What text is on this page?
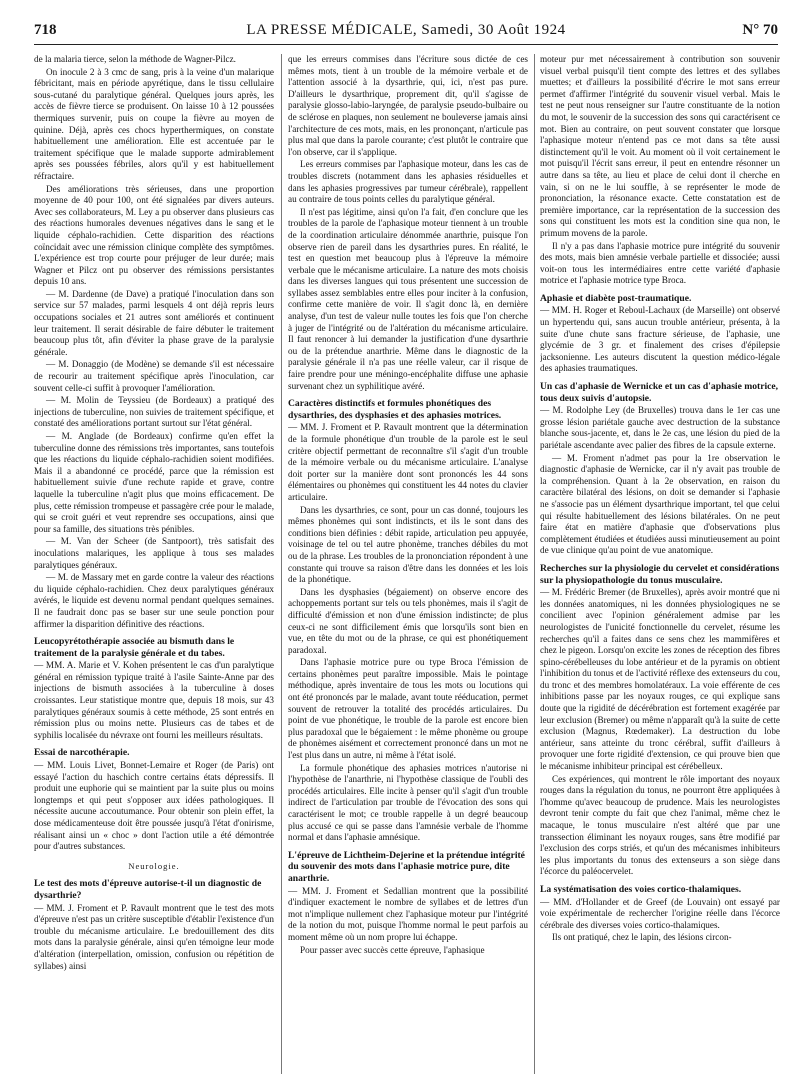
718	LA PRESSE MÉDICALE, Samedi, 30 Août 1924	N° 70

de la malaria tierce, selon la méthode de Wagner-Pilcz.

On inocule 2 à 3 cmc de sang, pris à la veine d'un malarique fébricitant, mais en période apyrétique, dans le tissu cellulaire sous-cutané du paralytique général. Quelques jours après, les accès de fièvre tierce se produisent. On laisse 10 à 12 poussées thermiques survenir, puis on coupe la fièvre au moyen de quinine. Déjà, après ces chocs hyperthermiques, on constate habituellement une amélioration. Elle est accentuée par le traitement spécifique que le malade supporte admirablement après ses poussées fébriles, alors qu'il y est habituellement réfractaire.

Des améliorations très sérieuses, dans une proportion moyenne de 40 pour 100, ont été signalées par divers auteurs. Avec ses collaborateurs, M. Ley a pu observer dans plusieurs cas des réactions humorales devenues négatives dans le sang et le liquide céphalo-rachidien. Cette disparition des réactions coïncidait avec une rémission clinique complète des symptômes. L'expérience est trop courte pour préjuger de leur durée; mais Wagner et Pilcz ont pu observer des rémissions persistantes depuis 10 ans.

— M. Dardenne (de Dave) a pratiqué l'inoculation dans son service sur 57 malades, parmi lesquels 4 ont déjà repris leurs occupations sociales et 21 autres sont améliorés et continuent leur traitement. Il serait désirable de faire débuter le traitement beaucoup plus tôt, afin d'éviter la phase grave de la paralysie générale.

— M. Donaggio (de Modène) se demande s'il est nécessaire de recourir au traitement spécifique après l'inoculation, car souvent celle-ci suffit à provoquer l'amélioration.

— M. Molin de Teyssieu (de Bordeaux) a pratiqué des injections de tuberculine, non suivies de traitement spécifique, et constaté des améliorations portant surtout sur l'état général.

— M. Anglade (de Bordeaux) confirme qu'en effet la tuberculine donne des rémissions très importantes, sans toutefois que les réactions du liquide céphalo-rachidien soient modifiées. Mais il a abandonné ce procédé, parce que la rémission est habituellement suivie d'une rechute rapide et grave, contre laquelle la tuberculine n'agit plus que moins efficacement. De plus, cette rémission trompeuse et passagère crée pour le malade, qui se croit guéri et veut reprendre ses occupations, ainsi que pour sa famille, des situations très pénibles.

— M. Van der Scheer (de Santpoort), très satisfait des inoculations malariques, les applique à tous ses malades paralytiques généraux.

— M. de Massary met en garde contre la valeur des réactions du liquide céphalo-rachidien. Chez deux paralytiques généraux avérés, le liquide est devenu normal pendant quelques semaines. Il ne faudrait donc pas se baser sur une seule ponction pour affirmer la disparition définitive des réactions.

Leucopyrétothérapie associée au bismuth dans le traitement de la paralysie générale et du tabes.

— MM. A. Marie et V. Kohen présentent le cas d'un paralytique général en rémission typique traité à l'asile Sainte-Anne par des injections de bismuth associées à la tuberculine à doses croissantes. Leur statistique montre que, depuis 18 mois, sur 43 paralytiques généraux soumis à cette méthode, 25 sont entrés en rémission plus ou moins nette. Plusieurs cas de tabes et de syphilis localisée du névraxe ont fourni les meilleurs résultats.

Essai de narcothérapie.

— MM. Louis Livet, Bonnet-Lemaire et Roger (de Paris) ont essayé l'action du haschich contre certains états dépressifs. Il produit une euphorie qui se maintient par la suite plus ou moins longtemps et qui peut s'opposer aux idées pathologiques. Il nécessite aucune accoutumance. Pour obtenir son plein effet, la dose médicamenteuse doit être poussée jusqu'à l'état d'onirisme, réalisant ainsi un « choc » dont l'action utile a été démontrée pour d'autres substances.

Neurologie.
Le test des mots d'épreuve autorise-t-il un diagnostic de dysarthrie?

— MM. J. Froment et P. Ravault montrent que le test des mots d'épreuve n'est pas un critère susceptible d'établir l'existence d'un trouble du mécanisme articulaire. Le bredouillement des dits mots dans la paralysie générale, ainsi qu'en témoigne leur mode d'altération (interpellation, omission, confusion ou répétition de syllabes) ainsi

que les erreurs commises dans l'écriture sous dictée de ces mêmes mots, tient à un trouble de la mémoire verbale et de l'attention associé à la dysarthrie, qui, ici, n'est pas pure. D'ailleurs le dysarthrique, proprement dit, qu'il s'agisse de paralysie glosso-labio-laryngée, de paralysie pseudo-bulbaire ou de sclérose en plaques, non seulement ne bouleverse jamais ainsi l'architecture de ces mots, mais, en les prononçant, n'articule pas plus mal que dans la parole courante; c'est plutôt le contraire que l'on observe, car il s'applique.

Les erreurs commises par l'aphasique moteur, dans les cas de troubles discrets (notamment dans les aphasies résiduelles et dans les aphasies progressives par tumeur cérébrale), rappellent au contraire de tous points celles du paralytique général.

Il n'est pas légitime, ainsi qu'on l'a fait, d'en conclure que les troubles de la parole de l'aphasique moteur tiennent à un trouble de la coordination articulaire dénommée anarthrie, puisque l'on observe rien de pareil dans les dysarthries pures. En réalité, le test en question met beaucoup plus à l'épreuve la mémoire verbale que le mécanisme articulaire. La nature des mots choisis dans les diverses langues qui tous présentent une succession de syllabes assez semblables entre elles pour inciter à la confusion, confirme cette manière de voir. Il s'agit donc là, en dernière analyse, d'un test de valeur nulle toutes les fois que l'on cherche à juger de l'intégrité ou de l'altération du mécanisme articulaire. Il faut renoncer à lui demander la justification d'une dysarthrie ou de la prétendue anarthrie. Même dans le diagnostic de la paralysie générale il n'a pas une réelle valeur, car il risque de faire prendre pour une méningo-encéphalite diffuse une aphasie survenant chez un syphilitique avéré.

Caractères distinctifs et formules phonétiques des dysarthries, des dysphasies et des aphasies motrices.

— MM. J. Froment et P. Ravault montrent que la détermination de la formule phonétique d'un trouble de la parole est le seul critère objectif permettant de reconnaître s'il s'agit d'un trouble de la mémoire verbale ou du mécanisme articulaire. L'analyse doit porter sur la manière dont sont prononcés les 44 sons élémentaires ou phonèmes qui constituent les 44 notes du clavier articulaire.

Dans les dysarthries, ce sont, pour un cas donné, toujours les mêmes phonèmes qui sont indistincts, et ils le sont dans des conditions bien définies : débit rapide, articulation peu appuyée, voisinage de tel ou tel autre phonème, tranches débiles du mot ou de la phrase. Les troubles de la prononciation répondent à une constante qui trouve sa raison d'être dans les données et les lois de la phonétique.

Dans les dysphasies (bégaiement) on observe encore des achoppements portant sur tels ou tels phonèmes, mais il s'agit de difficulté d'émission et non d'une émission indistincte; de plus ceux-ci ne sont difficilement émis que lorsqu'ils sont bien en vue, en tête du mot ou de la phrase, ce qui est phonétiquement paradoxal.

Dans l'aphasie motrice pure ou type Broca l'émission de certains phonèmes peut paraître impossible. Mais le pointage méthodique, après inventaire de tous les mots ou locutions qui ont été prononcés par le malade, avant toute rééducation, permet souvent de retrouver la totalité des procédés articulaires. Du point de vue phonétique, le trouble de la parole est encore bien plus paradoxal que le bégaiement : le même phonème ou groupe de phonèmes aisément et correctement prononcé dans un mot ne l'est plus dans un autre, ni même à l'état isolé.

La formule phonétique des aphasies motrices n'autorise ni l'hypothèse de l'anarthrie, ni l'hypothèse classique de l'oubli des procédés articulaires. Elle incite à penser qu'il s'agit d'un trouble indirect de l'articulation par trouble de l'évocation des sons qui caractérisent le mot; ce trouble rappelle à un degré beaucoup plus accusé ce qui se passe dans l'amnésie verbale de l'homme normal et dans l'aphasie amnésique.

L'épreuve de Lichtheim-Dejerine et la prétendue intégrité du souvenir des mots dans l'aphasie motrice pure, dite anarthrie.

— MM. J. Froment et Sedallian montrent que la possibilité d'indiquer exactement le nombre de syllabes et de lettres d'un mot n'implique nullement chez l'aphasique moteur pur l'intégrité de la notion du mot, puisque l'homme normal le peut parfois au moment même où un nom propre lui échappe.

Pour passer avec succès cette épreuve, l'aphasique

moteur pur met nécessairement à contribution son souvenir visuel verbal puisqu'il tient compte des lettres et des syllabes muettes; et d'ailleurs la possibilité d'écrire le mot sans erreur permet d'affirmer l'intégrité du souvenir visuel verbal. Mais le test ne peut nous renseigner sur l'autre constituante de la notion du mot, le souvenir de la succession des sons qui caractérisent ce mot. Bien au contraire, on peut souvent constater que lorsque l'aphasique moteur n'entend pas ce mot dans sa tête aussi distinctement qu'il le voit. Au moment où il voit certainement le mot puisqu'il l'écrit sans erreur, il peut en entendre résonner un autre dans sa tête, au lieu et place de celui dont il cherche en vain, si on ne le lui souffle, à se représenter le mode de prononciation, la résonance exacte. Cette constatation est de première importance, car la représentation de la succession des sons qui constituent les mots est la condition sine qua non, le primum movens de la parole.

Il n'y a pas dans l'aphasie motrice pure intégrité du souvenir des mots, mais bien amnésie verbale partielle et dissociée; aussi voit-on tous les intermédiaires entre cette variété d'aphasie motrice et l'aphasie motrice type Broca.

Aphasie et diabète post-traumatique.

— MM. H. Roger et Reboul-Lachaux (de Marseille) ont observé un hypertendu qui, sans aucun trouble antérieur, présenta, à la suite d'une chute sans fracture sérieuse, de l'aphasie, une glycémie de 3 gr. et finalement des crises d'épilepsie jacksonienne. Les auteurs discutent la question médico-légale des aphasies traumatiques.

Un cas d'aphasie de Wernicke et un cas d'aphasie motrice, tous deux suivis d'autopsie.

— M. Rodolphe Ley (de Bruxelles) trouva dans le 1er cas une grosse lésion pariétale gauche avec destruction de la substance blanche sous-jacente, et, dans le 2e cas, une lésion du pied de la pariétale ascendante avec palier des fibres de la capsule externe.

— M. Froment n'admet pas pour la 1re observation le diagnostic d'aphasie de Wernicke, car il n'y avait pas trouble de la compréhension. Quant à la 2e observation, en raison du caractère bilatéral des lésions, on doit se demander si l'aphasie ne s'associe pas un élément dysarthrique important, tel que celui qui résulte habituellement des lésions bilatérales. On ne peut faire état en matière d'aphasie que d'observations plus complètement étudiées et étudiées aussi minutieusement au point de vue clinique qu'au point de vue anatomique.

Recherches sur la physiologie du cervelet et considérations sur la physiopathologie du tonus musculaire.

— M. Frédéric Bremer (de Bruxelles), après avoir montré que ni les données anatomiques, ni les données physiologiques ne se concilient avec l'opinion généralement admise par les neurologistes de l'unicité fonctionnelle du cervelet, résume les recherches qu'il a faites dans ce sens chez les mammifères et chez le pigeon. Lorsqu'on excite les zones de réception des fibres spino-cérébelleuses du lobe antérieur et de la pyramis on obtient l'inhibition du tonus et de l'activité réflexe des extenseurs du cou, du tronc et des membres homolatéraux. La voie efférente de ces inhibitions passe par les noyaux rouges, ce qui explique sans doute que la rigidité de décérébration est fortement exagérée par leur exclusion (Bremer) ou même n'apparaît qu'à la suite de cette exclusion (Magnus, Rœdemaker). La destruction du lobe antérieur, sans atteinte du tronc cérébral, suffit d'ailleurs à provoquer une forte rigidité d'extension, ce qui prouve bien que le mécanisme inhibiteur principal est cérébelleux.

Ces expériences, qui montrent le rôle important des noyaux rouges dans la régulation du tonus, ne pourront être appliquées à l'homme qu'avec beaucoup de prudence. Mais les neurologistes devront tenir compte du fait que chez l'animal, même chez le macaque, le tonus musculaire n'est altéré que par une transsection éliminant les noyaux rouges, sans être modifié par l'exclusion des corps striés, et qu'un des mécanismes inhibiteurs les plus importants du tonus des extenseurs a son siège dans l'écorce du paléocervelet.

La systématisation des voies cortico-thalamiques.

— MM. d'Hollander et de Greef (de Louvain) ont essayé par voie expérimentale de rechercher l'origine réelle dans l'écorce cérébrale des diverses voies cortico-thalamiques.

Ils ont pratiqué, chez le lapin, des lésions circon-
